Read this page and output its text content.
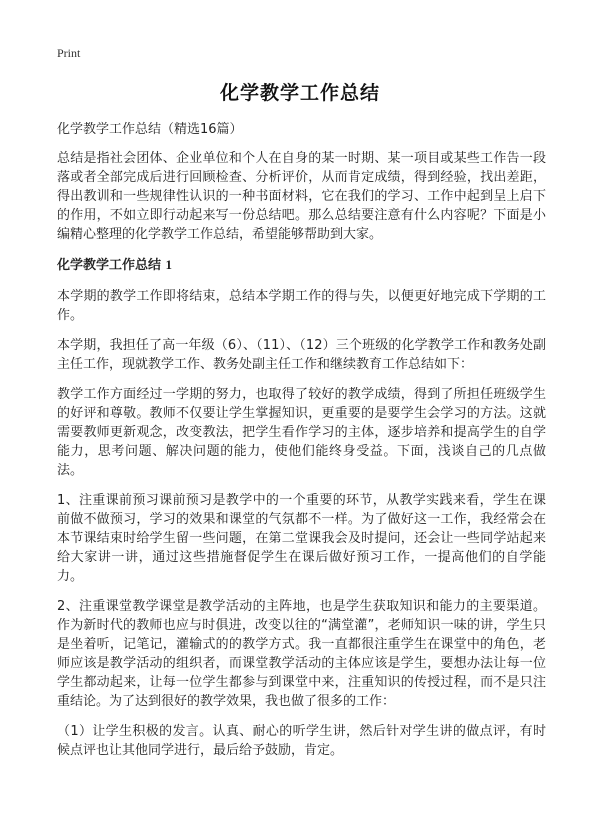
Print
化学教学工作总结
化学教学工作总结（精选16篇）
总结是指社会团体、企业单位和个人在自身的某一时期、某一项目或某些工作告一段落或者全部完成后进行回顾检查、分析评价，从而肯定成绩，得到经验，找出差距，得出教训和一些规律性认识的一种书面材料，它在我们的学习、工作中起到呈上启下的作用，不如立即行动起来写一份总结吧。那么总结要注意有什么内容呢？下面是小编精心整理的化学教学工作总结，希望能够帮助到大家。
化学教学工作总结 1
本学期的教学工作即将结束，总结本学期工作的得与失，以便更好地完成下学期的工作。
本学期，我担任了高一年级（6）、（11）、（12）三个班级的化学教学工作和教务处副主任工作，现就教学工作、教务处副主任工作和继续教育工作总结如下：
教学工作方面经过一学期的努力，也取得了较好的教学成绩，得到了所担任班级学生的好评和尊敬。教师不仅要让学生掌握知识，更重要的是要学生会学习的方法。这就需要教师更新观念，改变教法，把学生看作学习的主体，逐步培养和提高学生的自学能力，思考问题、解决问题的能力，使他们能终身受益。下面，浅谈自己的几点做法。
1、注重课前预习课前预习是教学中的一个重要的环节，从教学实践来看，学生在课前做不做预习，学习的效果和课堂的气氛都不一样。为了做好这一工作，我经常会在本节课结束时给学生留一些问题，在第二堂课我会及时提问，还会让一些同学站起来给大家讲一讲，通过这些措施督促学生在课后做好预习工作，一提高他们的自学能力。
2、注重课堂教学课堂是教学活动的主阵地，也是学生获取知识和能力的主要渠道。作为新时代的教师也应与时俱进，改变以往的“满堂灌”，老师知识一味的讲，学生只是坐着听，记笔记，灌输式的的教学方式。我一直都很注重学生在课堂中的角色，老师应该是教学活动的组织者，而课堂教学活动的主体应该是学生，要想办法让每一位学生都动起来，让每一位学生都参与到课堂中来，注重知识的传授过程，而不是只注重结论。为了达到很好的教学效果，我也做了很多的工作：
（1）让学生积极的发言。认真、耐心的听学生讲，然后针对学生讲的做点评，有时候点评也让其他同学进行，最后给予鼓励，肯定。
